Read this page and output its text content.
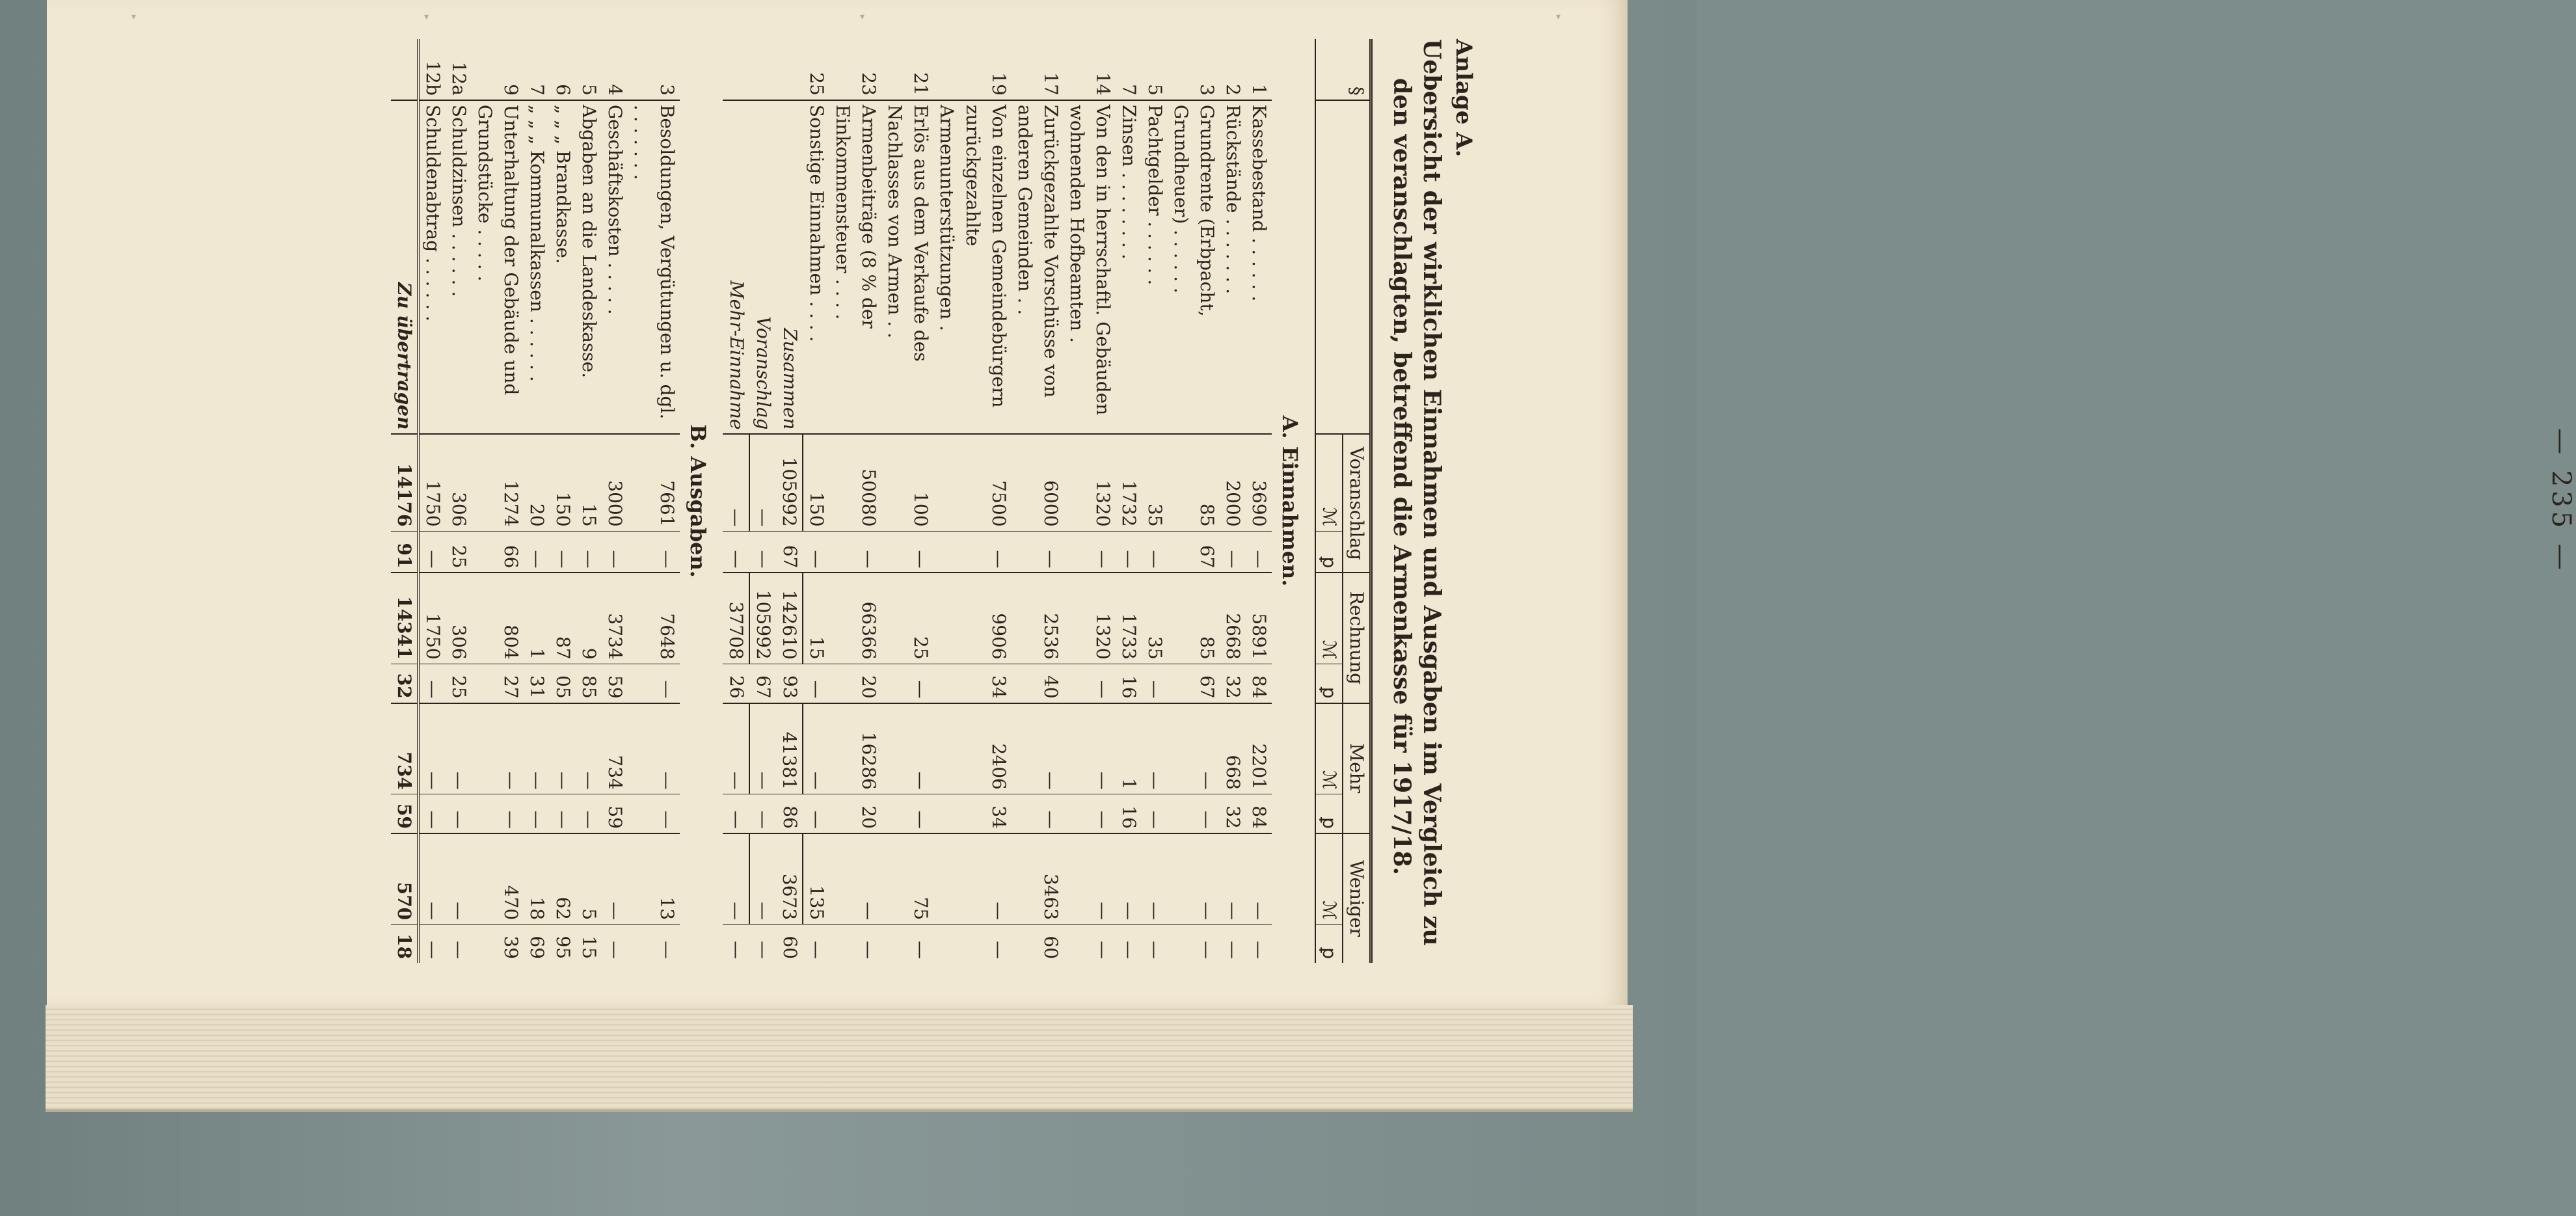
▾	▾	▾	▾
— 235 —
Anlage A.
Uebersicht der wirklichen Einnahmen und Ausgaben im Vergleich zu
den veranschlagten, betreffend die Armenkasse für 1917/18.
§		Voranschlag		Rechnung		Mehr		Weniger	
		ℳ	ꝑ	ℳ	ꝑ	ℳ	ꝑ	ℳ	ꝑ
A. Einnahmen.									
1	Kassebestand . . . . . .	3690	—	5891	84	2201	84	—	—
2	Rückstände . . . . . . .	2000	—	2668	32	668	32	—	—
3	Grundrente (Erbpacht, Grundheuer) . . . . . .	85	67	85	67	—	—	—	—
5	Pachtgelder . . . . . .	35	—	35	—	—	—	—	—
7	Zinsen . . . . . . . .	1732	—	1733	16	1	16	—	—
14	Von den in herrschaftl. Gebäuden wohnenden Hofbeamten .	1320	—	1320	—	—	—	—	—
17	Zurückgezahlte Vorschüsse von anderen Gemeinden . .	6000	—	2536	40	—	—	3463	60
19	Von einzelnen Gemeindebürgern zurückgezahlte Armenunterstützungen .	7500	—	9906	34	2406	34	—	—
21	Erlös aus dem Verkaufe des Nachlasses von Armen . .	100	—	25	—	—	—	75	—
23	Armenbeiträge (8 % der Einkommensteuer . . . .	50080	—	66366	20	16286	20	—	—
25	Sonstige Einnahmen . . . .	150	—	15	—	—	—	135	—
	Zusammen	105992	67	142610	93	41381	86	3673	60
	Voranschlag	—	—	105992	67	—	—	—	—
	Mehr-Einnahme	—	—	37708	26	—	—	—	—
B. Ausgaben.									
3	Besoldungen, Vergütungen u. dgl. . . . . . . .	7661	—	7648	—	—	—	13	—
4	Geschäftskosten . . . . .	3000	—	3734	59	734	59	—	—
5	Abgaben an die Landeskasse.	15	—	9	85	—	—	5	15
6	„ „ „ Brandkasse.	150	—	87	05	—	—	62	95
7	„ „ „ Kommunalkassen . . . . . .	20	—	1	31	—	—	18	69
9	Unterhaltung der Gebäude und Grundstücke . . . . .	1274	66	804	27	—	—	470	39
12a	Schuldzinsen . . . . . .	306	25	306	25	—	—	—	—
12b	Schuldenabtrag . . . . . .	1750	—	1750	—	—	—	—	—
	Zu übertragen	14176	91	14341	32	734	59	570	18
